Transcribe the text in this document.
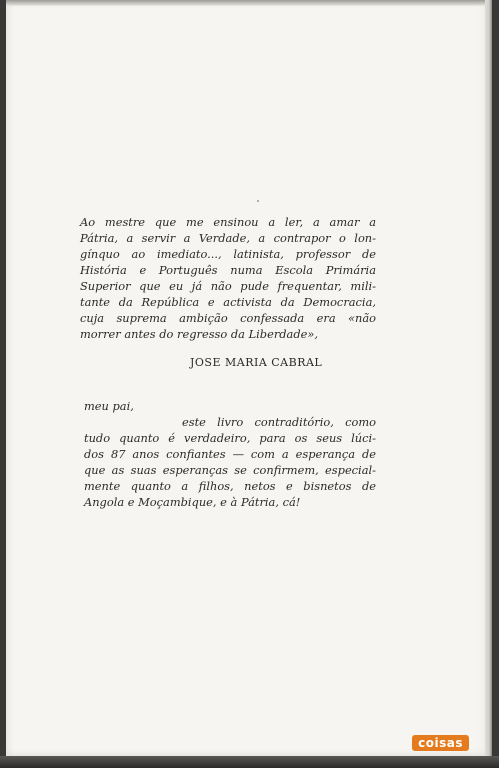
Ao mestre que me ensinou a ler, a amar a
Pátria, a servir a Verdade, a contrapor o lon-
gínquo ao imediato..., latinista, professor de
História e Português numa Escola Primária
Superior que eu já não pude frequentar, mili-
tante da República e activista da Democracia,
cuja suprema ambição confessada era «não
morrer antes do regresso da Liberdade»,
JOSE MARIA CABRAL
meu pai,
este livro contraditório, como
tudo quanto é verdadeiro, para os seus lúci-
dos 87 anos confiantes — com a esperança de
que as suas esperanças se confirmem, especial-
mente quanto a filhos, netos e bisnetos de
Angola e Moçambique, e à Pátria, cá!
coisas
